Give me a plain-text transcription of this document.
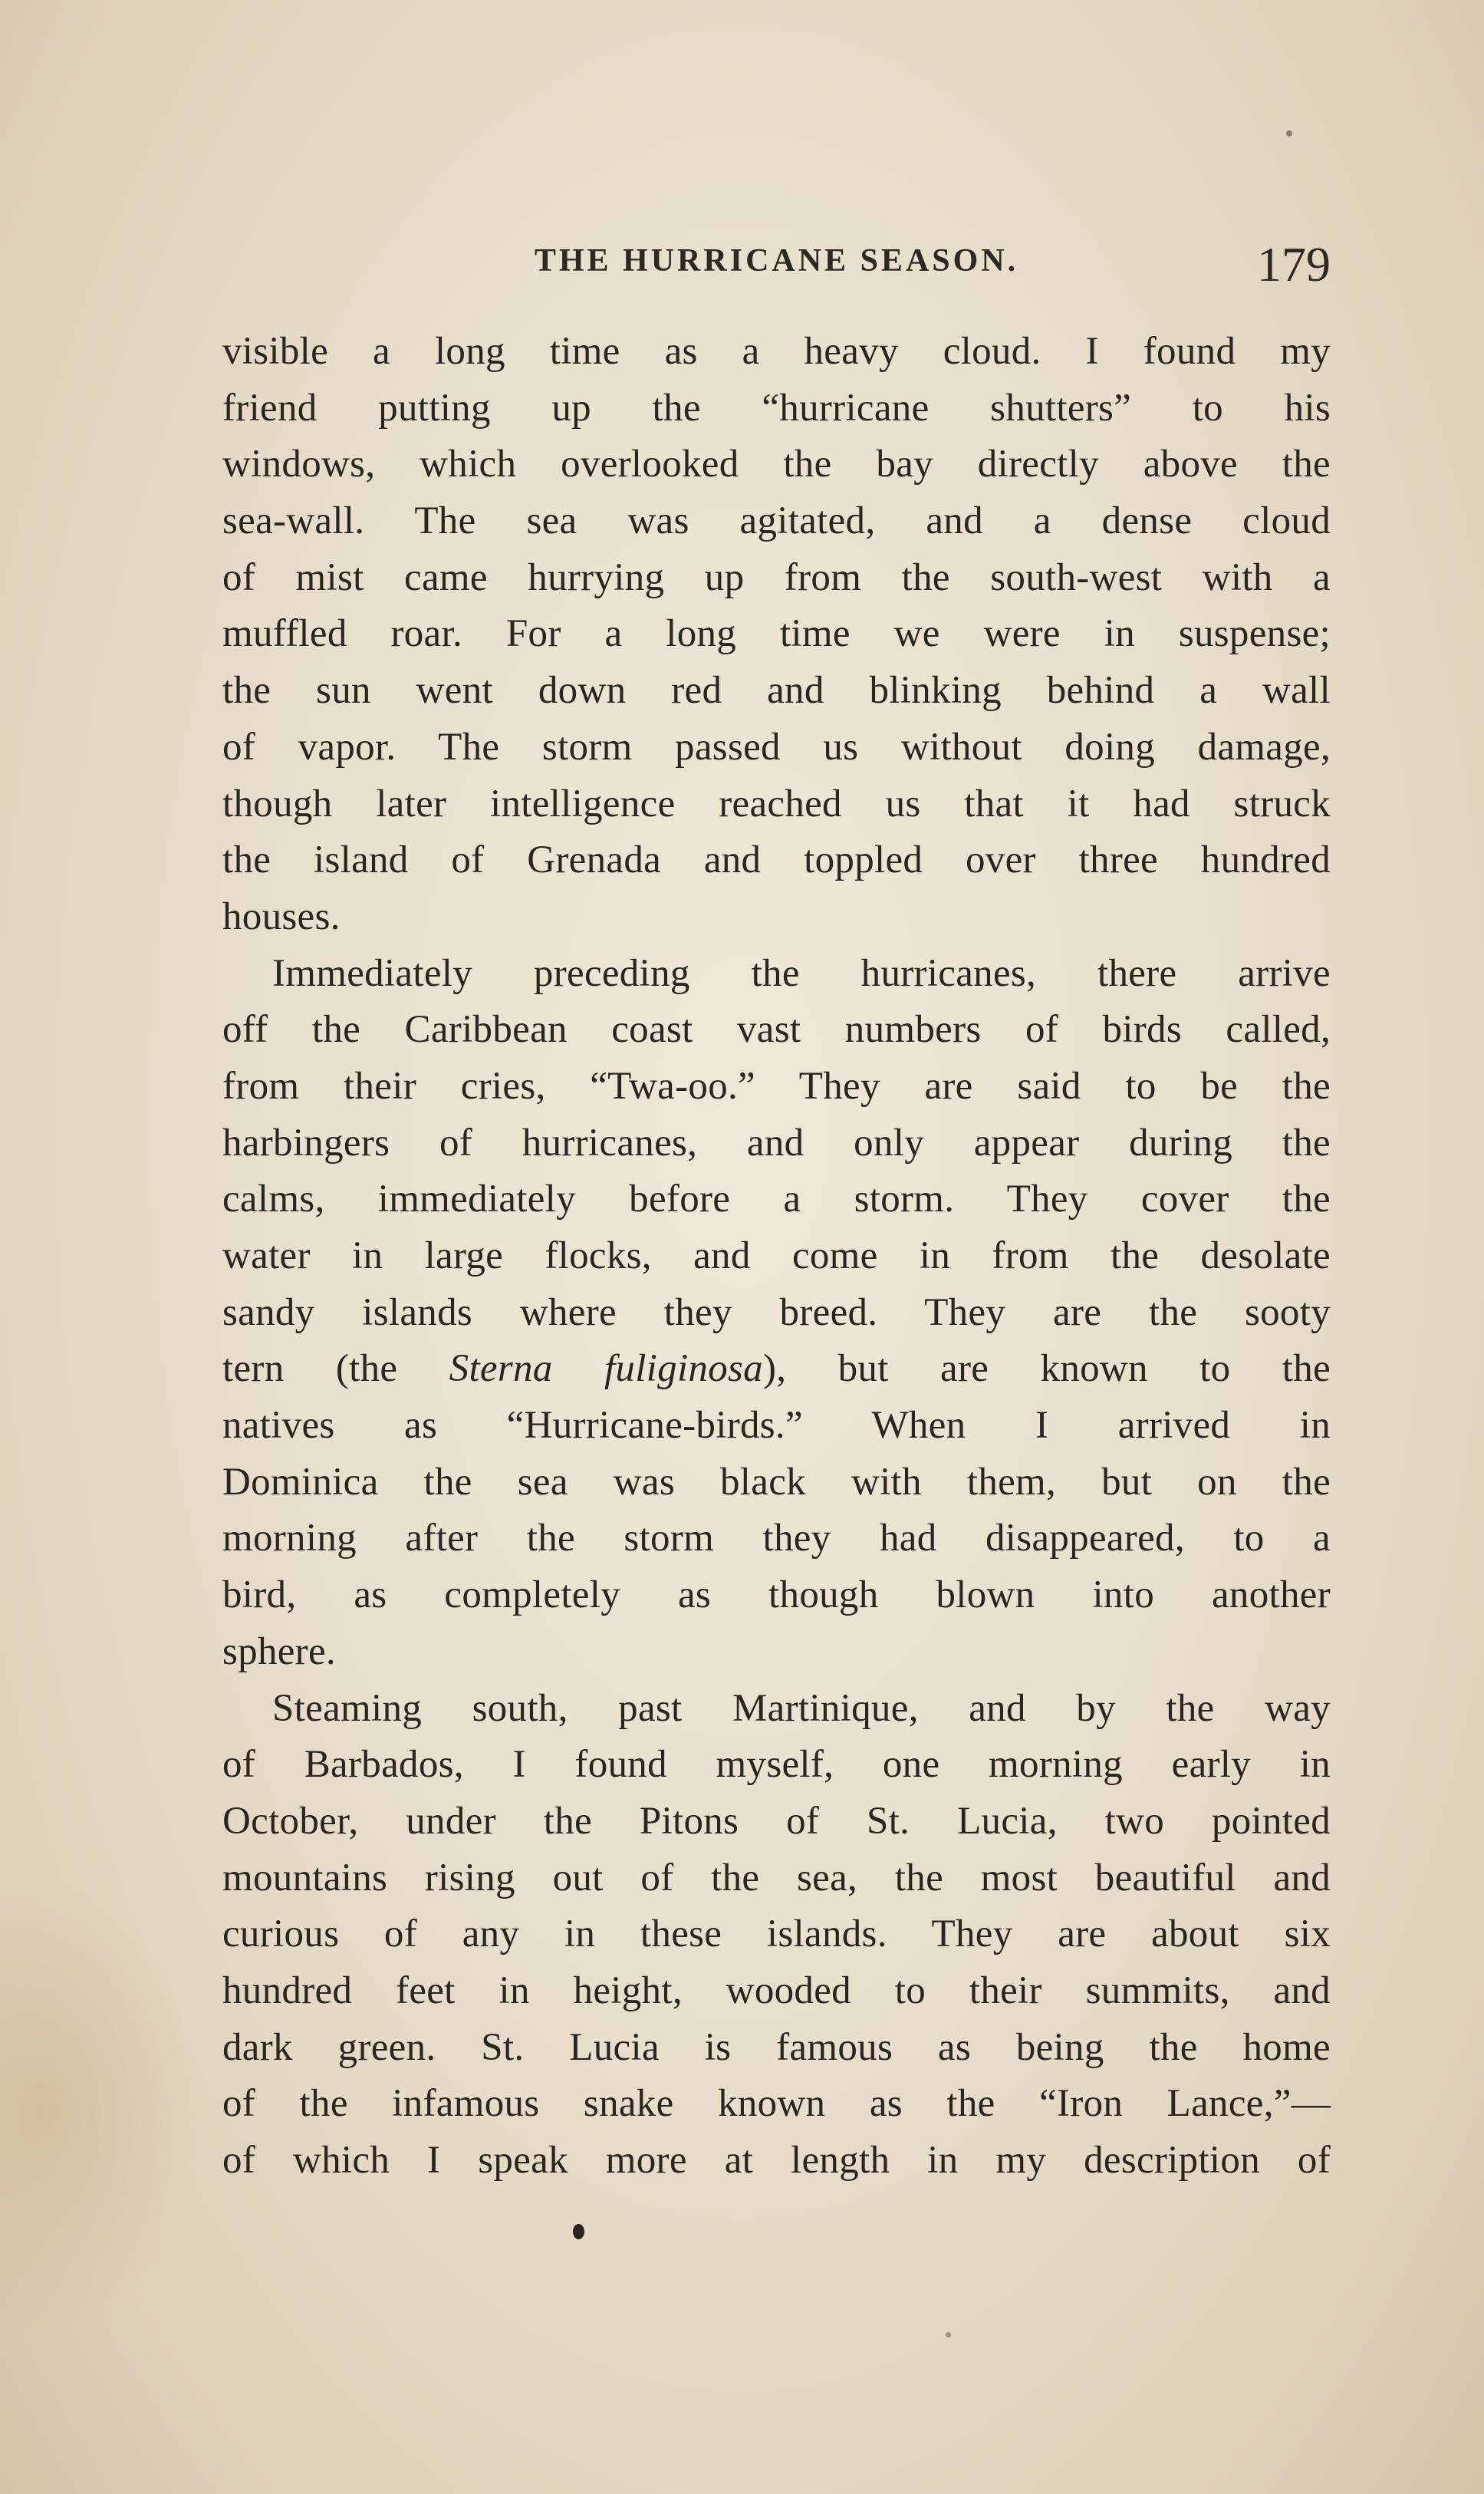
THE HURRICANE SEASON.	179
visible a long time as a heavy cloud. I found my
friend putting up the “hurricane shutters” to his
windows, which overlooked the bay directly above the
sea-wall. The sea was agitated, and a dense cloud
of mist came hurrying up from the south-west with a
muffled roar. For a long time we were in suspense;
the sun went down red and blinking behind a wall
of vapor. The storm passed us without doing damage,
though later intelligence reached us that it had struck
the island of Grenada and toppled over three hundred
houses.
Immediately preceding the hurricanes, there arrive
off the Caribbean coast vast numbers of birds called,
from their cries, “Twa-oo.” They are said to be the
harbingers of hurricanes, and only appear during the
calms, immediately before a storm. They cover the
water in large flocks, and come in from the desolate
sandy islands where they breed. They are the sooty
tern (the Sterna fuliginosa), but are known to the
natives as “Hurricane-birds.” When I arrived in
Dominica the sea was black with them, but on the
morning after the storm they had disappeared, to a
bird, as completely as though blown into another
sphere.
Steaming south, past Martinique, and by the way
of Barbados, I found myself, one morning early in
October, under the Pitons of St. Lucia, two pointed
mountains rising out of the sea, the most beautiful and
curious of any in these islands. They are about six
hundred feet in height, wooded to their summits, and
dark green. St. Lucia is famous as being the home
of the infamous snake known as the “Iron Lance,”—
of which I speak more at length in my description of
